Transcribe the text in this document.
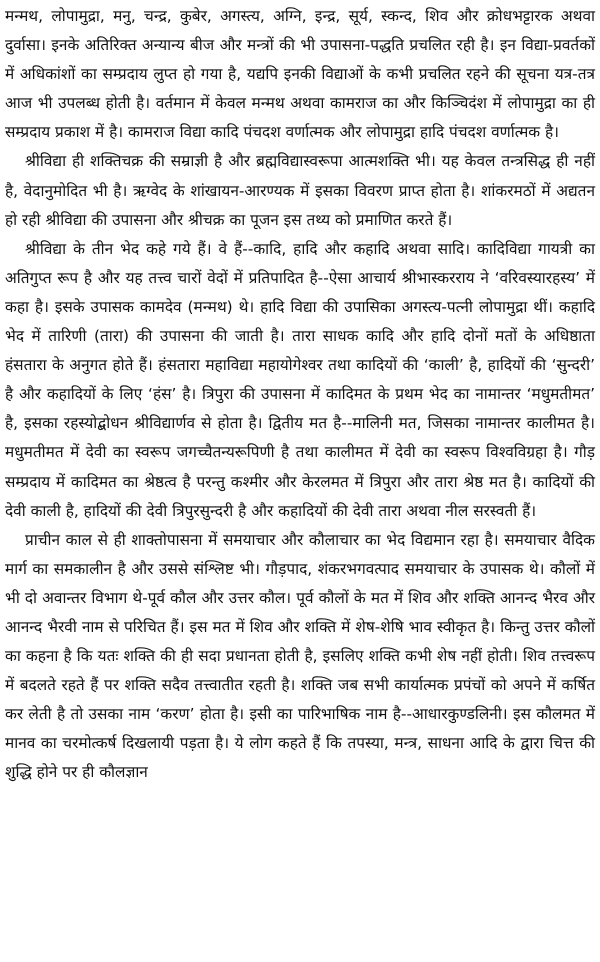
मन्मथ, लोपामुद्रा, मनु, चन्द्र, कुबेर, अगस्त्य, अग्नि, इन्द्र, सूर्य, स्कन्द, शिव और क्रोधभट्टारक अथवा दुर्वासा। इनके अतिरिक्त अन्यान्य बीज और मन्त्रों की भी उपासना-पद्धति प्रचलित रही है। इन विद्या-प्रवर्तकों में अधिकांशों का सम्प्रदाय लुप्त हो गया है, यद्यपि इनकी विद्याओं के कभी प्रचलित रहने की सूचना यत्र-तत्र आज भी उपलब्ध होती है। वर्तमान में केवल मन्मथ अथवा कामराज का और किञ्चिदंश में लोपामुद्रा का ही सम्प्रदाय प्रकाश में है। कामराज विद्या कादि पंचदश वर्णात्मक और लोपामुद्रा हादि पंचदश वर्णात्मक है।

श्रीविद्या ही शक्तिचक्र की सम्राज्ञी है और ब्रह्मविद्यास्वरूपा आत्मशक्ति भी। यह केवल तन्त्रसिद्ध ही नहीं है, वेदानुमोदित भी है। ऋग्वेद के शांखायन-आरण्यक में इसका विवरण प्राप्त होता है। शांकरमठों में अद्यतन हो रही श्रीविद्या की उपासना और श्रीचक्र का पूजन इस तथ्य को प्रमाणित करते हैं।

श्रीविद्या के तीन भेद कहे गये हैं। वे हैं--कादि, हादि और कहादि अथवा सादि। कादिविद्या गायत्री का अतिगुप्त रूप है और यह तत्त्व चारों वेदों में प्रतिपादित है--ऐसा आचार्य श्रीभास्करराय ने ‘वरिवस्यारहस्य’ में कहा है। इसके उपासक कामदेव (मन्मथ) थे। हादि विद्या की उपासिका अगस्त्य-पत्नी लोपामुद्रा थीं। कहादि भेद में तारिणी (तारा) की उपासना की जाती है। तारा साधक कादि और हादि दोनों मतों के अधिष्ठाता हंसतारा के अनुगत होते हैं। हंसतारा महाविद्या महायोगेश्वर तथा कादियों की ‘काली’ है, हादियों की ‘सुन्दरी’ है और कहादियों के लिए ‘हंस’ है। त्रिपुरा की उपासना में कादिमत के प्रथम भेद का नामान्तर ‘मधुमतीमत’ है, इसका रहस्योद्बोधन श्रीविद्यार्णव से होता है। द्वितीय मत है--मालिनी मत, जिसका नामान्तर कालीमत है। मधुमतीमत में देवी का स्वरूप जगच्चैतन्यरूपिणी है तथा कालीमत में देवी का स्वरूप विश्वविग्रहा है। गौड़ सम्प्रदाय में कादिमत का श्रेष्ठत्व है परन्तु कश्मीर और केरलमत में त्रिपुरा और तारा श्रेष्ठ मत है। कादियों की देवी काली है, हादियों की देवी त्रिपुरसुन्दरी है और कहादियों की देवी तारा अथवा नील सरस्वती हैं।

प्राचीन काल से ही शाक्तोपासना में समयाचार और कौलाचार का भेद विद्यमान रहा है। समयाचार वैदिक मार्ग का समकालीन है और उससे संश्लिष्ट भी। गौड़पाद, शंकरभगवत्पाद समयाचार के उपासक थे। कौलों में भी दो अवान्तर विभाग थे-पूर्व कौल और उत्तर कौल। पूर्व कौलों के मत में शिव और शक्ति आनन्द भैरव और आनन्द भैरवी नाम से परिचित हैं। इस मत में शिव और शक्ति में शेष-शेषि भाव स्वीकृत है। किन्तु उत्तर कौलों का कहना है कि यतः शक्ति की ही सदा प्रधानता होती है, इसलिए शक्ति कभी शेष नहीं होती। शिव तत्त्वरूप में बदलते रहते हैं पर शक्ति सदैव तत्त्वातीत रहती है। शक्ति जब सभी कार्यात्मक प्रपंचों को अपने में कर्षित कर लेती है तो उसका नाम ‘करण’ होता है। इसी का पारिभाषिक नाम है--आधारकुण्डलिनी। इस कौलमत में मानव का चरमोत्कर्ष दिखलायी पड़ता है। ये लोग कहते हैं कि तपस्या, मन्त्र, साधना आदि के द्वारा चित्त की शुद्धि होने पर ही कौलज्ञान
